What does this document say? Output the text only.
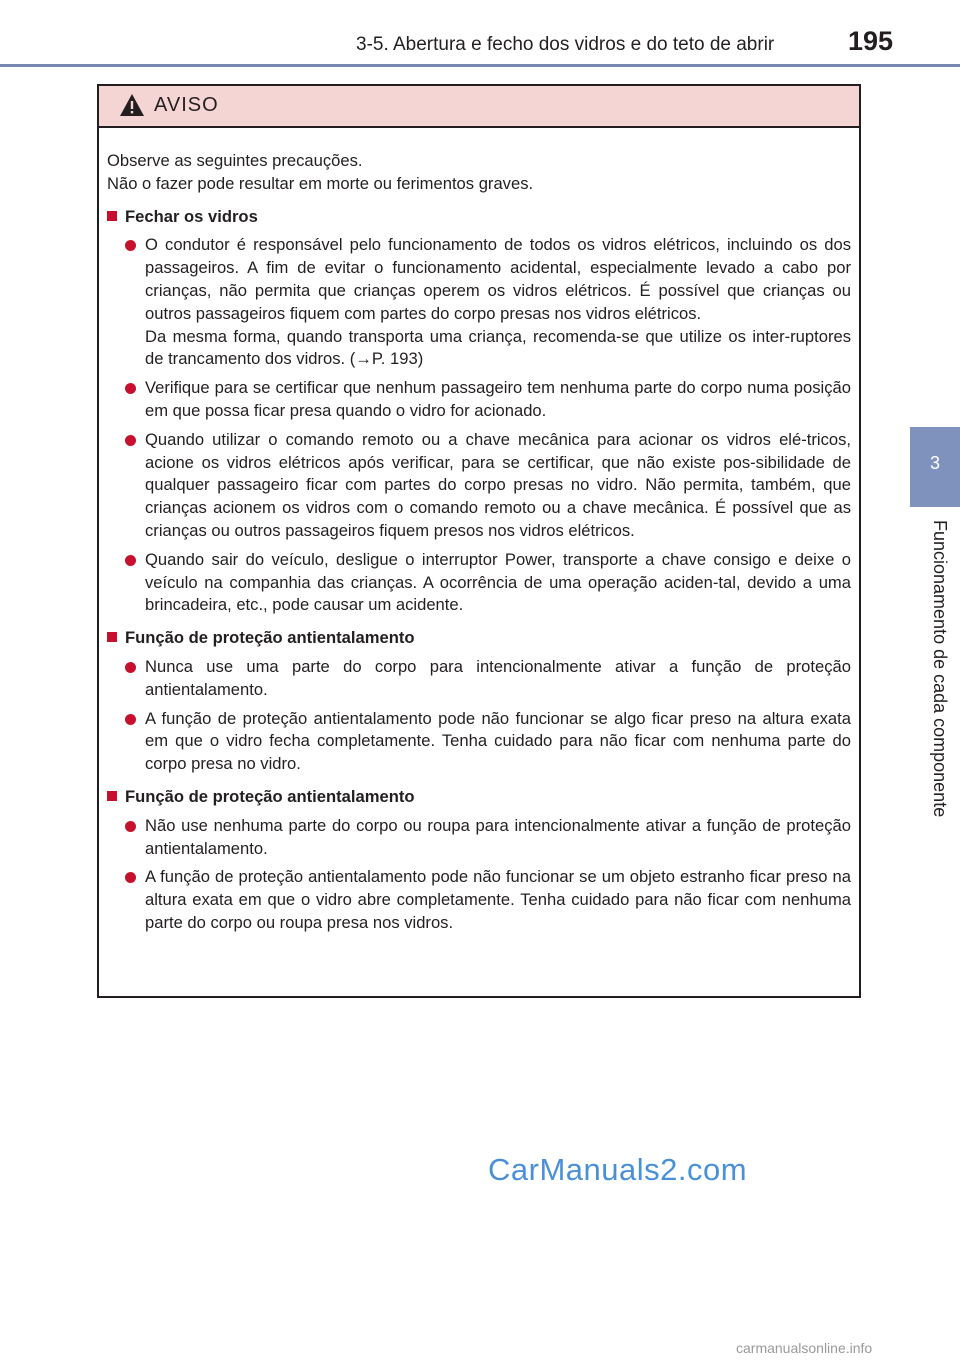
3-5. Abertura e fecho dos vidros e do teto de abrir	195
3
Funcionamento de cada componente
AVISO

Observe as seguintes precauções.

Não o fazer pode resultar em morte ou ferimentos graves.

Fechar os vidros

O condutor é responsável pelo funcionamento de todos os vidros elétricos, incluindo os dos passageiros. A fim de evitar o funcionamento acidental, especialmente levado a cabo por crianças, não permita que crianças operem os vidros elétricos. É possível que crianças ou outros passageiros fiquem com partes do corpo presas nos vidros elétricos.

Da mesma forma, quando transporta uma criança, recomenda-se que utilize os inter-ruptores de trancamento dos vidros. (→P. 193)

Verifique para se certificar que nenhum passageiro tem nenhuma parte do corpo numa posição em que possa ficar presa quando o vidro for acionado.

Quando utilizar o comando remoto ou a chave mecânica para acionar os vidros elé-tricos, acione os vidros elétricos após verificar, para se certificar, que não existe pos-sibilidade de qualquer passageiro ficar com partes do corpo presas no vidro. Não permita, também, que crianças acionem os vidros com o comando remoto ou a chave mecânica. É possível que as crianças ou outros passageiros fiquem presos nos vidros elétricos.

Quando sair do veículo, desligue o interruptor Power, transporte a chave consigo e deixe o veículo na companhia das crianças. A ocorrência de uma operação aciden-tal, devido a uma brincadeira, etc., pode causar um acidente.

Função de proteção antientalamento

Nunca use uma parte do corpo para intencionalmente ativar a função de proteção antientalamento.

A função de proteção antientalamento pode não funcionar se algo ficar preso na altura exata em que o vidro fecha completamente. Tenha cuidado para não ficar com nenhuma parte do corpo presa no vidro.

Função de proteção antientalamento

Não use nenhuma parte do corpo ou roupa para intencionalmente ativar a função de proteção antientalamento.

A função de proteção antientalamento pode não funcionar se um objeto estranho ficar preso na altura exata em que o vidro abre completamente. Tenha cuidado para não ficar com nenhuma parte do corpo ou roupa presa nos vidros.

CarManuals2.com
carmanualsonline.info
